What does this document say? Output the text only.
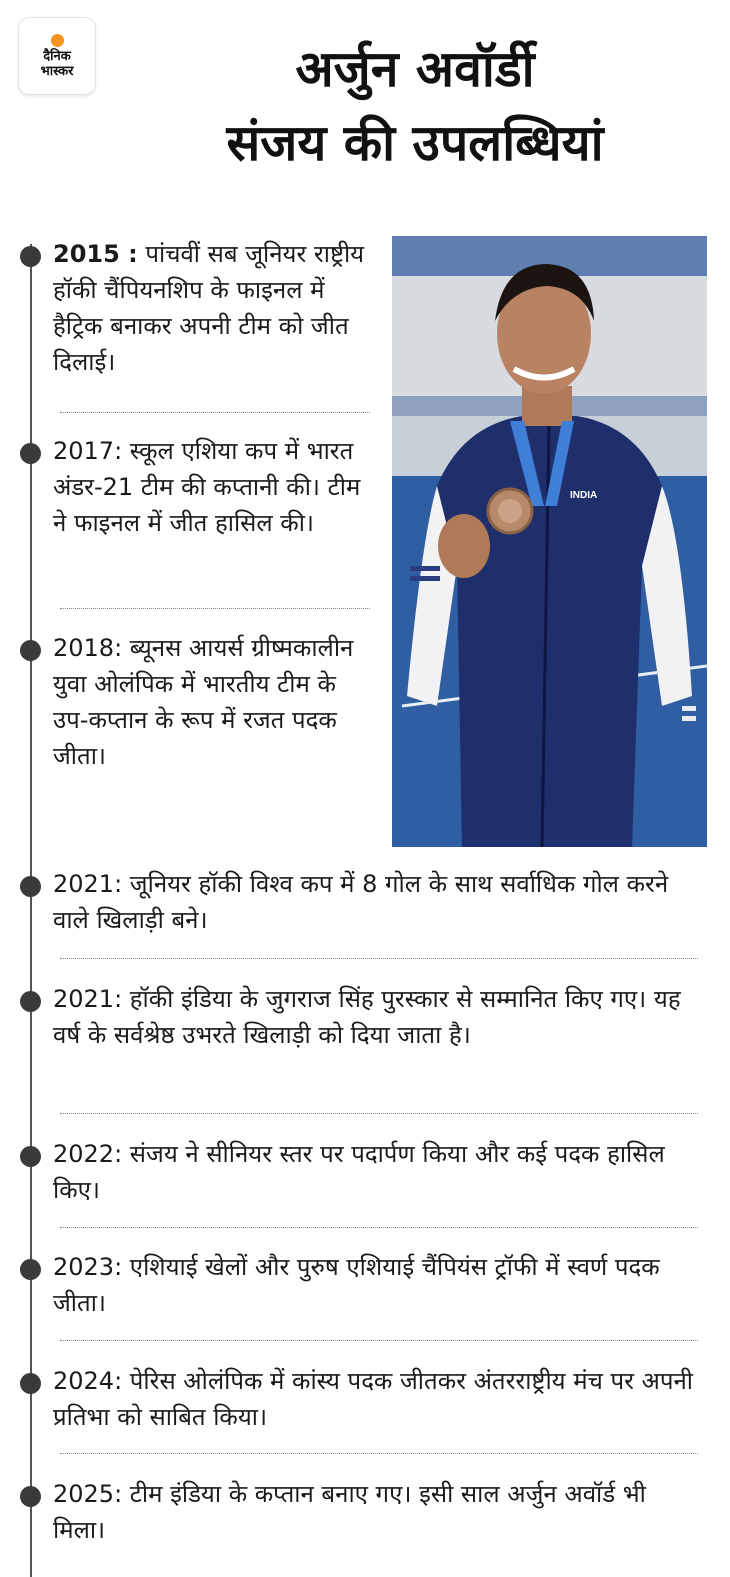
दैनिक
भास्कर	अर्जुन अवॉर्डी
संजय की उपलब्धियां
INDIA
2015 : पांचवीं सब जूनियर राष्ट्रीय हॉकी चैंपियनशिप के फाइनल में हैट्रिक बनाकर अपनी टीम को जीत दिलाई।
2017: स्कूल एशिया कप में भारत अंडर-21 टीम की कप्तानी की। टीम ने फाइनल में जीत हासिल की।
2018: ब्यूनस आयर्स ग्रीष्मकालीन युवा ओलंपिक में भारतीय टीम के उप-कप्तान के रूप में रजत पदक जीता।
2021: जूनियर हॉकी विश्व कप में 8 गोल के साथ सर्वाधिक गोल करने वाले खिलाड़ी बने।
2021: हॉकी इंडिया के जुगराज सिंह पुरस्कार से सम्मानित किए गए। यह वर्ष के सर्वश्रेष्ठ उभरते खिलाड़ी को दिया जाता है।
2022: संजय ने सीनियर स्तर पर पदार्पण किया और कई पदक हासिल किए।
2023: एशियाई खेलों और पुरुष एशियाई चैंपियंस ट्रॉफी में स्वर्ण पदक जीता।
2024: पेरिस ओलंपिक में कांस्य पदक जीतकर अंतरराष्ट्रीय मंच पर अपनी प्रतिभा को साबित किया।
2025: टीम इंडिया के कप्तान बनाए गए। इसी साल अर्जुन अवॉर्ड भी मिला।
